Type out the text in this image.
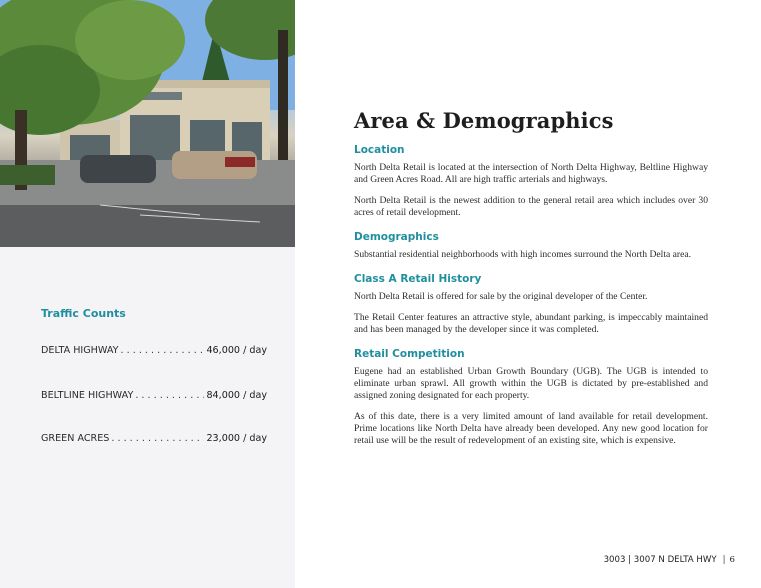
Traffic Counts
DELTA HIGHWAY . . .	46,000 / day
BELTLINE HIGHWAY . . .	84,000 / day
GREEN ACRES . . .	23,000 / day
Area & Demographics
Location

North Delta Retail is located at the intersection of North Delta Highway, Beltline Highway and Green Acres Road. All are high traffic arterials and highways.

North Delta Retail is the newest addition to the general retail area which includes over 30 acres of retail development.

Demographics

Substantial residential neighborhoods with high incomes surround the North Delta area.

Class A Retail History

North Delta Retail is offered for sale by the original developer of the Center.

The Retail Center features an attractive style, abundant parking, is impeccably maintained and has been managed by the developer since it was completed.

Retail Competition

Eugene had an established Urban Growth Boundary (UGB). The UGB is intended to eliminate urban sprawl. All growth within the UGB is dictated by pre-established and assigned zoning designated for each property.

As of this date, there is a very limited amount of land available for retail development. Prime locations like North Delta have already been developed. Any new good location for retail use will be the result of redevelopment of an existing site, which is expensive.

3003 | 3007 N DELTA HWY | 6
